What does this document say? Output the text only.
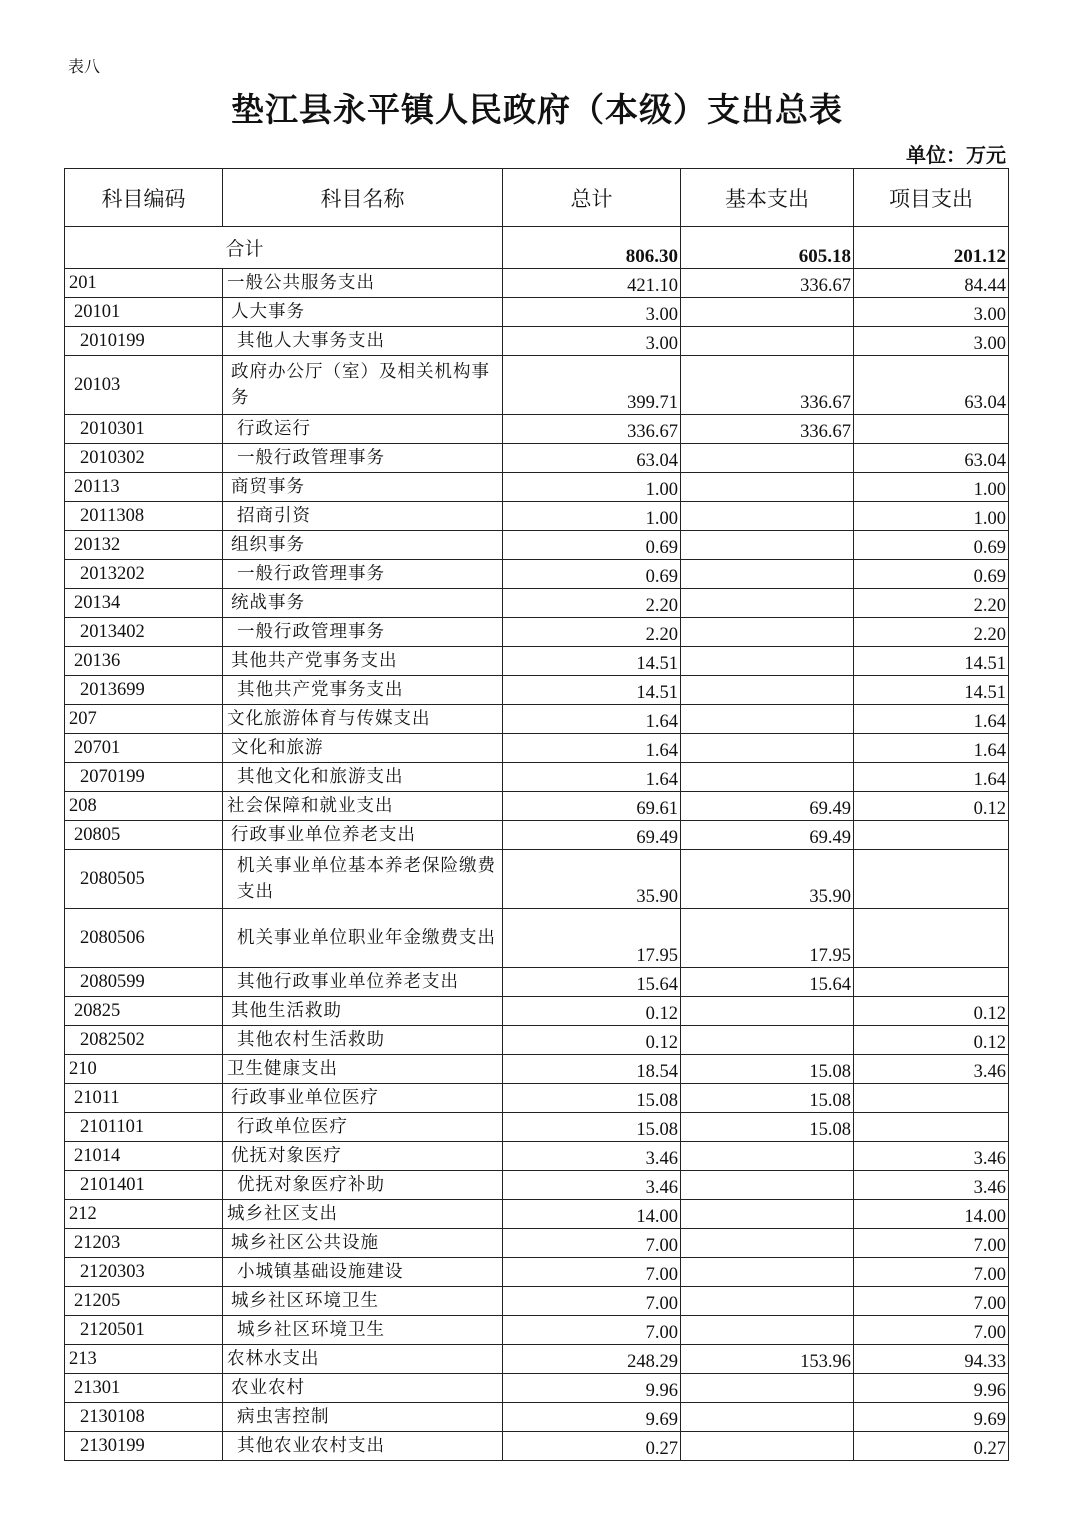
表八
垫江县永平镇人民政府（本级）支出总表
单位：万元
科目编码	科目名称	总计	基本支出	项目支出
合计		806.30	605.18	201.12
201	一般公共服务支出	421.10	336.67	84.44
20101	人大事务	3.00		3.00
2010199	其他人大事务支出	3.00		3.00
20103	政府办公厅（室）及相关机构事务	399.71	336.67	63.04
2010301	行政运行	336.67	336.67	
2010302	一般行政管理事务	63.04		63.04
20113	商贸事务	1.00		1.00
2011308	招商引资	1.00		1.00
20132	组织事务	0.69		0.69
2013202	一般行政管理事务	0.69		0.69
20134	统战事务	2.20		2.20
2013402	一般行政管理事务	2.20		2.20
20136	其他共产党事务支出	14.51		14.51
2013699	其他共产党事务支出	14.51		14.51
207	文化旅游体育与传媒支出	1.64		1.64
20701	文化和旅游	1.64		1.64
2070199	其他文化和旅游支出	1.64		1.64
208	社会保障和就业支出	69.61	69.49	0.12
20805	行政事业单位养老支出	69.49	69.49	
2080505	机关事业单位基本养老保险缴费支出	35.90	35.90	
2080506	机关事业单位职业年金缴费支出	17.95	17.95	
2080599	其他行政事业单位养老支出	15.64	15.64	
20825	其他生活救助	0.12		0.12
2082502	其他农村生活救助	0.12		0.12
210	卫生健康支出	18.54	15.08	3.46
21011	行政事业单位医疗	15.08	15.08	
2101101	行政单位医疗	15.08	15.08	
21014	优抚对象医疗	3.46		3.46
2101401	优抚对象医疗补助	3.46		3.46
212	城乡社区支出	14.00		14.00
21203	城乡社区公共设施	7.00		7.00
2120303	小城镇基础设施建设	7.00		7.00
21205	城乡社区环境卫生	7.00		7.00
2120501	城乡社区环境卫生	7.00		7.00
213	农林水支出	248.29	153.96	94.33
21301	农业农村	9.96		9.96
2130108	病虫害控制	9.69		9.69
2130199	其他农业农村支出	0.27		0.27
